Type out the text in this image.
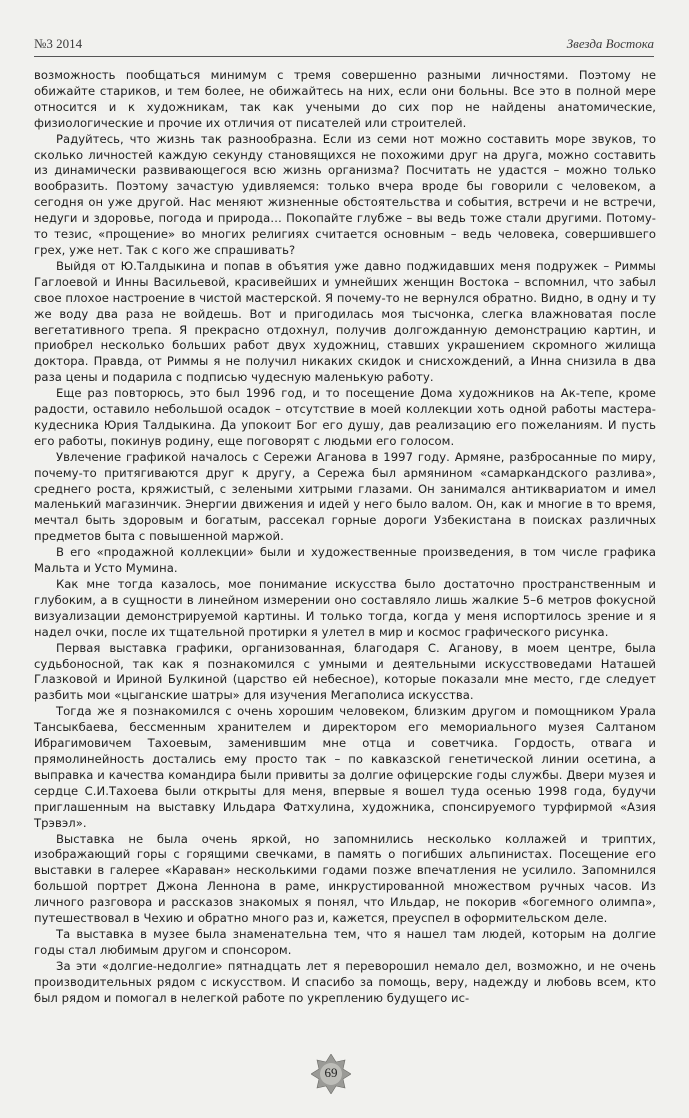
№3 2014	Звезда Востока

возможность пообщаться минимум с тремя совершенно разными личностями. Поэтому не обижайте стариков, и тем более, не обижайтесь на них, если они больны. Все это в полной мере относится и к художникам, так как учеными до сих пор не найдены анатомические, физиологические и прочие их отличия от писателей или строителей.

Радуйтесь, что жизнь так разнообразна. Если из семи нот можно составить море звуков, то сколько личностей каждую секунду становящихся не похожими друг на друга, можно составить из динамически развивающегося всю жизнь организма? Посчитать не удастся – можно только вообразить. Поэтому зачастую удивляемся: только вчера вроде бы говорили с человеком, а сегодня он уже другой. Нас меняют жизненные обстоятельства и события, встречи и не встречи, недуги и здоровье, погода и природа… Покопайте глубже – вы ведь тоже стали другими. Потому-то тезис, «прощение» во многих религиях считается основным – ведь человека, совершившего грех, уже нет. Так с кого же спрашивать?

Выйдя от Ю.Талдыкина и попав в объятия уже давно поджидавших меня подружек – Риммы Гаглоевой и Инны Васильевой, красивейших и умнейших женщин Востока – вспомнил, что забыл свое плохое настроение в чистой мастерской. Я почему-то не вернулся обратно. Видно, в одну и ту же воду два раза не войдешь. Вот и пригодилась моя тысчонка, слегка влажноватая после вегетативного трепа. Я прекрасно отдохнул, получив долгожданную демонстрацию картин, и приобрел несколько больших работ двух художниц, ставших украшением скромного жилища доктора. Правда, от Риммы я не получил никаких скидок и снисхождений, а Инна снизила в два раза цены и подарила с подписью чудесную маленькую работу.

Еще раз повторюсь, это был 1996 год, и то посещение Дома художников на Ак-тепе, кроме радости, оставило небольшой осадок – отсутствие в моей коллекции хоть одной работы мастера-кудесника Юрия Талдыкина. Да упокоит Бог его душу, дав реализацию его пожеланиям. И пусть его работы, покинув родину, еще поговорят с людьми его голосом.

Увлечение графикой началось с Сережи Аганова в 1997 году. Армяне, разбросанные по миру, почему-то притягиваются друг к другу, а Сережа был армянином «самаркандского разлива», среднего роста, кряжистый, с зелеными хитрыми глазами. Он занимался антиквариатом и имел маленький магазинчик. Энергии движения и идей у него было валом. Он, как и многие в то время, мечтал быть здоровым и богатым, рассекал горные дороги Узбекистана в поисках различных предметов быта с повышенной маржой.

В его «продажной коллекции» были и художественные произведения, в том числе графика Мальта и Усто Мумина.

Как мне тогда казалось, мое понимание искусства было достаточно пространственным и глубоким, а в сущности в линейном измерении оно составляло лишь жалкие 5–6 метров фокусной визуализации демонстрируемой картины. И только тогда, когда у меня испортилось зрение и я надел очки, после их тщательной протирки я улетел в мир и космос графического рисунка.

Первая выставка графики, организованная, благодаря С. Аганову, в моем центре, была судьбоносной, так как я познакомился с умными и деятельными искусствоведами Наташей Глазковой и Ириной Булкиной (царство ей небесное), которые показали мне место, где следует разбить мои «цыганские шатры» для изучения Мегаполиса искусства.

Тогда же я познакомился с очень хорошим человеком, близким другом и помощником Урала Тансыкбаева, бессменным хранителем и директором его мемориального музея Салтаном Ибрагимовичем Тахоевым, заменившим мне отца и советчика. Гордость, отвага и прямолинейность достались ему просто так – по кавказской генетической линии осетина, а выправка и качества командира были привиты за долгие офицерские годы службы. Двери музея и сердце С.И.Тахоева были открыты для меня, впервые я вошел туда осенью 1998 года, будучи приглашенным на выставку Ильдара Фатхулина, художника, спонсируемого турфирмой «Азия Трэвэл».

Выставка не была очень яркой, но запомнились несколько коллажей и триптих, изображающий горы с горящими свечками, в память о погибших альпинистах. Посещение его выставки в галерее «Караван» несколькими годами позже впечатления не усилило. Запомнился большой портрет Джона Леннона в раме, инкрустированной множеством ручных часов. Из личного разговора и рассказов знакомых я понял, что Ильдар, не покорив «богемного олимпа», путешествовал в Чехию и обратно много раз и, кажется, преуспел в оформительском деле.

Та выставка в музее была знаменательна тем, что я нашел там людей, которым на долгие годы стал любимым другом и спонсором.

За эти «долгие-недолгие» пятнадцать лет я переворошил немало дел, возможно, и не очень производительных рядом с искусством. И спасибо за помощь, веру, надежду и любовь всем, кто был рядом и помогал в нелегкой работе по укреплению будущего ис-

69
